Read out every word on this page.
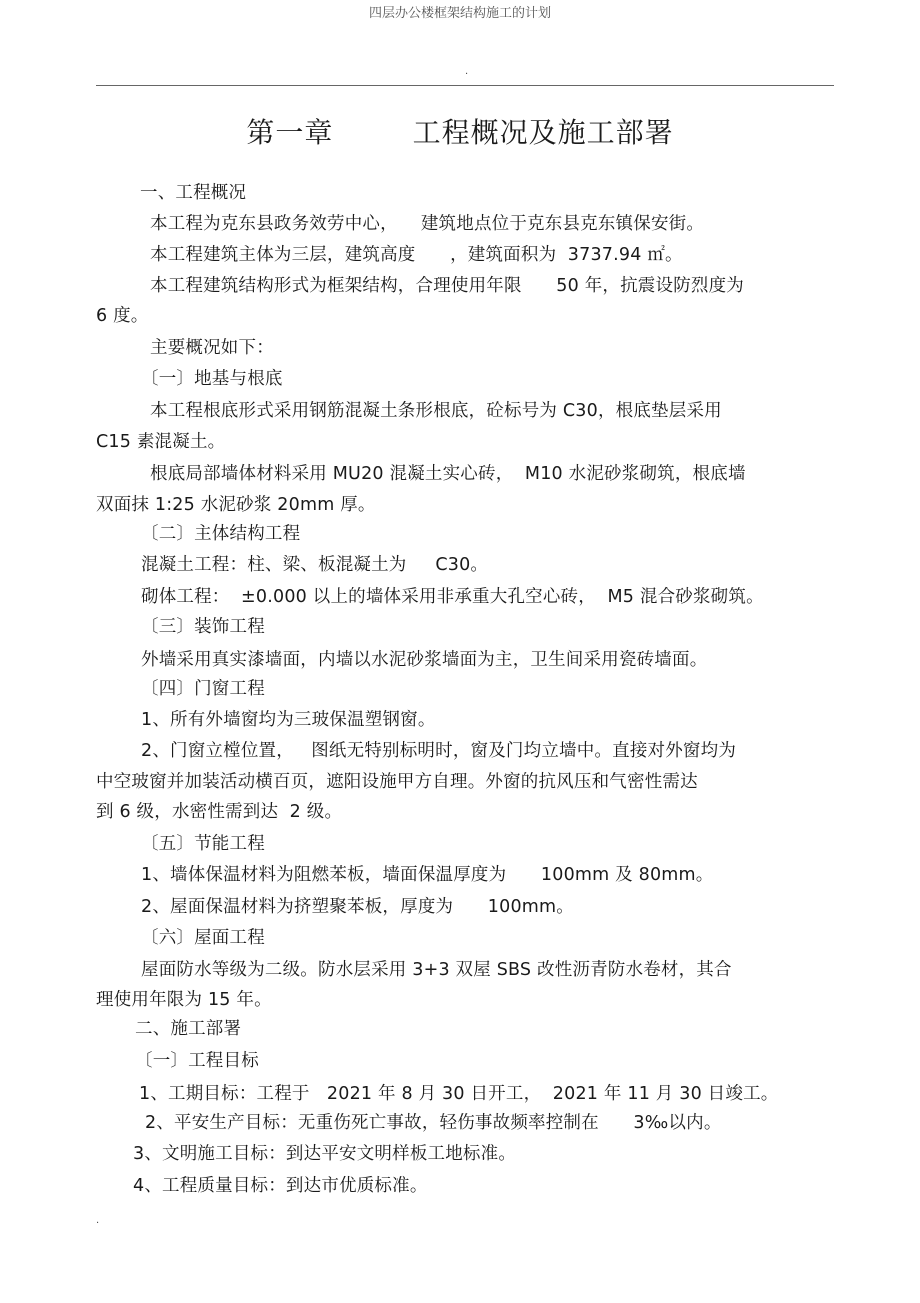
四层办公楼框架结构施工的计划
.
第一章        工程概况及施工部署
一、工程概况
本工程为克东县政务效劳中心，    建筑地点位于克东县克东镇保安街。
本工程建筑主体为三层，建筑高度      ，建筑面积为  3737.94 ㎡。
本工程建筑结构形式为框架结构，合理使用年限      50 年，抗震设防烈度为
6 度。
主要概况如下：
〔一〕地基与根底
本工程根底形式采用钢筋混凝土条形根底，砼标号为 C30，根底垫层采用
C15 素混凝土。
根底局部墙体材料采用 MU20 混凝土实心砖，  M10 水泥砂浆砌筑，根底墙
双面抹 1:25 水泥砂浆 20mm 厚。
〔二〕主体结构工程
混凝土工程：柱、梁、板混凝土为     C30。
砌体工程：  ±0.000 以上的墙体采用非承重大孔空心砖，  M5 混合砂浆砌筑。
〔三〕装饰工程
外墙采用真实漆墙面，内墙以水泥砂浆墙面为主，卫生间采用瓷砖墙面。
〔四〕门窗工程
1、所有外墙窗均为三玻保温塑钢窗。
2、门窗立樘位置，   图纸无特别标明时，窗及门均立墙中。直接对外窗均为
中空玻窗并加装活动横百页，遮阳设施甲方自理。外窗的抗风压和气密性需达
到 6 级，水密性需到达  2 级。
〔五〕节能工程
1、墙体保温材料为阻燃苯板，墙面保温厚度为      100mm 及 80mm。
2、屋面保温材料为挤塑聚苯板，厚度为      100mm。
〔六〕屋面工程
屋面防水等级为二级。防水层采用 3+3 双屋 SBS 改性沥青防水卷材，其合
理使用年限为 15 年。
二、施工部署
〔一〕工程目标
1、工期目标：工程于   2021 年 8 月 30 日开工，  2021 年 11 月 30 日竣工。
2、平安生产目标：无重伤死亡事故，轻伤事故频率控制在      3‰以内。
3、文明施工目标：到达平安文明样板工地标准。
4、工程质量目标：到达市优质标准。
.
